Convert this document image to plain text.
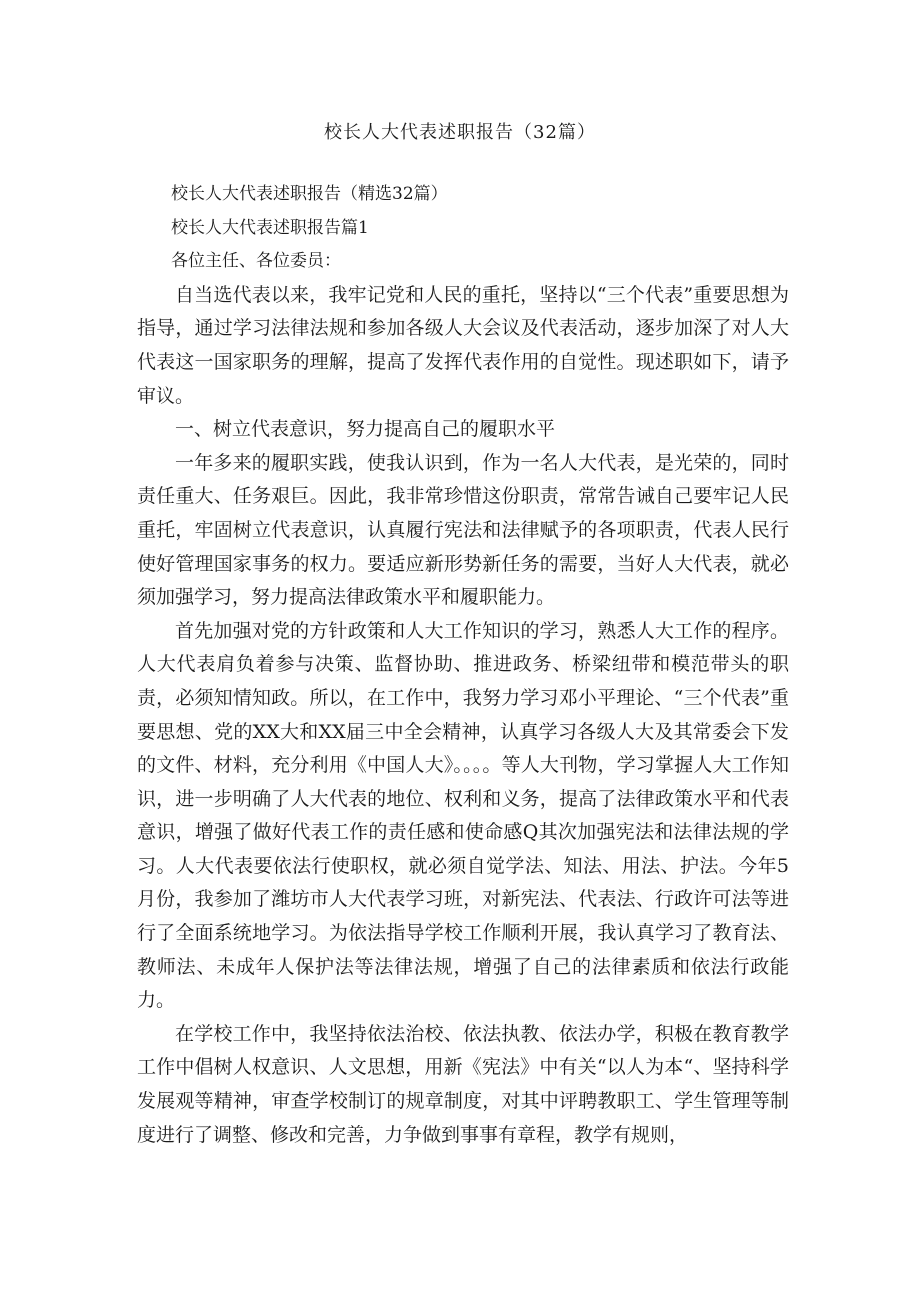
校长人大代表述职报告（32篇）

校长人大代表述职报告（精选32篇）

校长人大代表述职报告篇1

各位主任、各位委员：

自当选代表以来，我牢记党和人民的重托，坚持以“三个代表”重要思想为指导，通过学习法律法规和参加各级人大会议及代表活动，逐步加深了对人大代表这一国家职务的理解，提高了发挥代表作用的自觉性。现述职如下，请予审议。

一、树立代表意识，努力提高自己的履职水平

一年多来的履职实践，使我认识到，作为一名人大代表，是光荣的，同时责任重大、任务艰巨。因此，我非常珍惜这份职责，常常告诫自己要牢记人民重托，牢固树立代表意识，认真履行宪法和法律赋予的各项职责，代表人民行使好管理国家事务的权力。要适应新形势新任务的需要，当好人大代表，就必须加强学习，努力提高法律政策水平和履职能力。

首先加强对党的方针政策和人大工作知识的学习，熟悉人大工作的程序。人大代表肩负着参与决策、监督协助、推进政务、桥梁纽带和模范带头的职责，必须知情知政。所以，在工作中，我努力学习邓小平理论、“三个代表”重要思想、党的XX大和XX届三中全会精神，认真学习各级人大及其常委会下发的文件、材料，充分利用《中国人大》。。。。等人大刊物，学习掌握人大工作知识，进一步明确了人大代表的地位、权利和义务，提高了法律政策水平和代表意识，增强了做好代表工作的责任感和使命感Q其次加强宪法和法律法规的学习。人大代表要依法行使职权，就必须自觉学法、知法、用法、护法。今年5月份，我参加了潍坊市人大代表学习班，对新宪法、代表法、行政许可法等进行了全面系统地学习。为依法指导学校工作顺利开展，我认真学习了教育法、教师法、未成年人保护法等法律法规，增强了自己的法律素质和依法行政能力。

在学校工作中，我坚持依法治校、依法执教、依法办学，积极在教育教学工作中倡树人权意识、人文思想，用新《宪法》中有关“以人为本“、坚持科学发展观等精神，审查学校制订的规章制度，对其中评聘教职工、学生管理等制度进行了调整、修改和完善，力争做到事事有章程，教学有规则，
